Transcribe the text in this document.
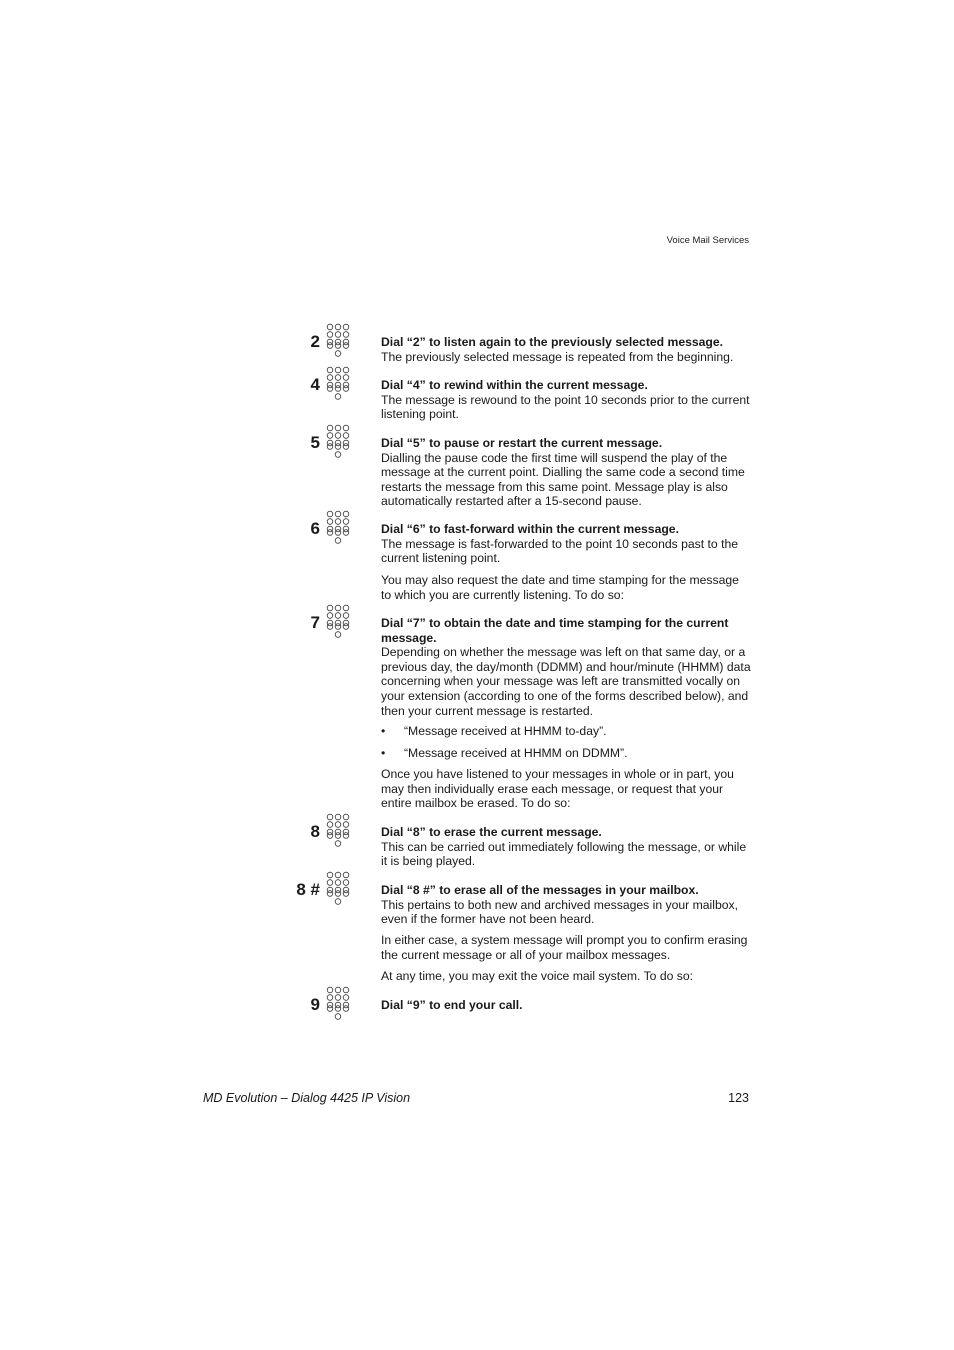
Voice Mail Services
2	Dial “2” to listen again to the previously selected message.

The previously selected message is repeated from the beginning.

4	Dial “4” to rewind within the current message.

The message is rewound to the point 10 seconds prior to the current listening point.

5	Dial “5” to pause or restart the current message.

Dialling the pause code the first time will suspend the play of the message at the current point. Dialling the same code a second time restarts the message from this same point. Message play is also automatically restarted after a 15-second pause.

6	Dial “6” to fast-forward within the current message.

The message is fast-forwarded to the point 10 seconds past to the current listening point.

You may also request the date and time stamping for the message to which you are currently listening. To do so:

7	Dial “7” to obtain the date and time stamping for the current message.

Depending on whether the message was left on that same day, or a previous day, the day/month (DDMM) and hour/minute (HHMM) data concerning when your message was left are transmitted vocally on your extension (according to one of the forms described below), and then your current message is restarted.

• “Message received at HHMM to-day”.
• “Message received at HHMM on DDMM”.

Once you have listened to your messages in whole or in part, you may then individually erase each message, or request that your entire mailbox be erased. To do so:

8	Dial “8” to erase the current message.

This can be carried out immediately following the message, or while it is being played.

8 #	Dial “8 #” to erase all of the messages in your mailbox.

This pertains to both new and archived messages in your mailbox, even if the former have not been heard.

In either case, a system message will prompt you to confirm erasing the current message or all of your mailbox messages.

At any time, you may exit the voice mail system. To do so:

9	Dial “9” to end your call.

MD Evolution – Dialog 4425 IP Vision	123
